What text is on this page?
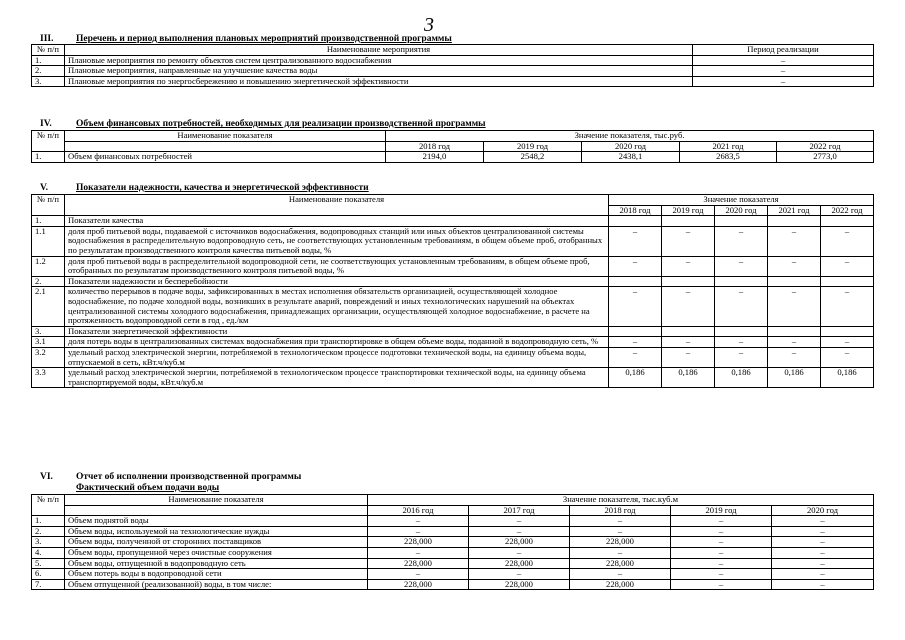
3
III. Перечень и период выполнения плановых мероприятий производственной программы
№ п/п	Наименование мероприятия	Период реализации
1.	Плановые мероприятия по ремонту объектов систем централизованного водоснабжения	–
2.	Плановые мероприятия, направленные на улучшение качества воды	–
3.	Плановые мероприятия по энергосбережению и повышению энергетической эффективности	–
IV.	Объем финансовых потребностей, необходимых для реализации производственной программы
№ п/п	Наименование показателя	Значение показателя, тыс.руб.				
		2018 год	2019 год	2020 год	2021 год	2022 год
1.	Объем финансовых потребностей	2194,0	2548,2	2438,1	2683,5	2773,0
V.	Показатели надежности, качества и энергетической эффективности
№ п/п	Наименование показателя	Значение показателя				
		2018 год	2019 год	2020 год	2021 год	2022 год
1.	Показатели качества					
1.1	доля проб питьевой воды, подаваемой с источников водоснабжения, водопроводных станций или иных объектов централизованной системы водоснабжения в распределительную водопроводную сеть, не соответствующих установленным требованиям, в общем объеме проб, отобранных по результатам производственного контроля качества питьевой воды, %	–	–	–	–	–
1.2	доля проб питьевой воды в распределительной водопроводной сети, не соответствующих установленным требованиям, в общем объеме проб, отобранных по результатам производственного контроля питьевой воды, %	–	–	–	–	–
2.	Показатели надежности и бесперебойности					
2.1	количество перерывов в подаче воды, зафиксированных в местах исполнения обязательств организацией, осуществляющей холодное водоснабжение, по подаче холодной воды, возникших в результате аварий, повреждений и иных технологических нарушений на объектах централизованной системы холодного водоснабжения, принадлежащих организации, осуществляющей холодное водоснабжение, в расчете на протяженность водопроводной сети в год , ед./км	–	–	–	–	–
3.	Показатели энергетической эффективности					
3.1	доля потерь воды в централизованных системах водоснабжения при транспортировке в общем объеме воды, поданной в водопроводную сеть, %	–	–	–	–	–
3.2	удельный расход электрической энергии, потребляемой в технологическом процессе подготовки технической воды, на единицу объема воды, отпускаемой в сеть, кВт.ч/куб.м	–	–	–	–	–
3.3	удельный расход электрической энергии, потребляемой в технологическом процессе транспортировки технической воды, на единицу объема транспортируемой воды, кВт.ч/куб.м	0,186	0,186	0,186	0,186	0,186
VI. Отчет об исполнении производственной программы
Фактический объем подачи воды
№ п/п	Наименование показателя	Значение показателя, тыс.куб.м				
		2016 год	2017 год	2018 год	2019 год	2020 год
1.	Объем поднятой воды	–	–	–	–	–
2.	Объем воды, используемой на технологические нужды	–	–	–	–	–
3.	Объем воды, полученной от сторонних поставщиков	228,000	228,000	228,000	–	–
4.	Объем воды, пропущенной через очистные сооружения	–	–	–	–	–
5.	Объем воды, отпущенной в водопроводную сеть	228,000	228,000	228,000	–	–
6.	Объем потерь воды в водопроводной сети	–	–	–	–	–
7.	Объем отпущенной (реализованной) воды, в том числе:	228,000	228,000	228,000	–	–
